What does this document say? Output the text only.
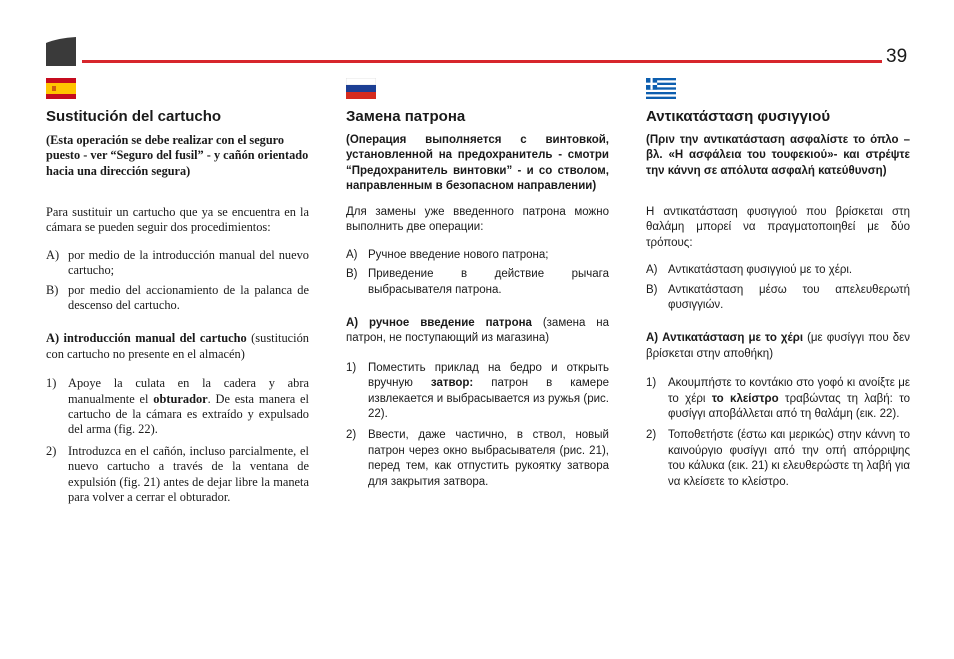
39
Sustitución del cartucho
(Esta operación se debe realizar con el seguro puesto - ver “Seguro del fusil” - y cañón orientado hacia una dirección segura)
Para sustituir un cartucho que ya se encuentra en la cámara se pueden seguir dos procedimientos:
A) por medio de la introducción manual del nuevo cartucho;
B) por medio del accionamiento de la palanca de descenso del cartucho.
A) introducción manual del cartucho (sustitución con cartucho no presente en el almacén)
1) Apoye la culata en la cadera y abra manualmente el obturador. De esta manera el cartucho de la cámara es extraído y expulsado del arma (fig. 22).
2) Introduzca en el cañón, incluso parcialmente, el nuevo cartucho a través de la ventana de expulsión (fig. 21) antes de dejar libre la maneta para volver a cerrar el obturador.
Замена патрона
(Операция выполняется с винтовкой, установленной на предохранитель - смотри “Предохранитель винтовки” - и со стволом, направленным в безопасном направлении)
Для замены уже введенного патрона можно выполнить две операции:
A) Ручное введение нового патрона;
B) Приведение в действие рычага выбрасывателя патрона.
A) ручное введение патрона (замена на патрон, не поступающий из магазина)
1)	Поместить приклад на бедро и открыть вручную затвор: патрон в камере извлекается и выбрасывается из ружья (рис. 22).
2)	Ввести, даже частично, в ствол, новый патрон через окно выбрасывателя (рис. 21), перед тем, как отпустить рукоятку затвора для закрытия затвора.
Αντικατάσταση φυσιγγιού
(Πριν την αντικατάσταση ασφαλίστε το όπλο –βλ. «Η ασφάλεια του τουφεκιού»- και στρέψτε την κάννη σε απόλυτα ασφαλή κατεύθυνση)
Η αντικατάσταση φυσιγγιού που βρίσκεται στη θαλάμη μπορεί να πραγματοποιηθεί με δύο τρόπους:
A) Αντικατάσταση φυσιγγιού με το χέρι.
B) Αντικατάσταση μέσω του απελευθερωτή φυσιγγιών.
A) Αντικατάσταση με το χέρι (με φυσίγγι που δεν βρίσκεται στην αποθήκη)
1)	Ακουμπήστε το κοντάκιο στο γοφό κι ανοίξτε με το χέρι το κλείστρο τραβώντας τη λαβή: το φυσίγγι αποβάλλεται από τη θαλάμη (εικ. 22).
2)	Τοποθετήστε (έστω και μερικώς) στην κάννη το καινούργιο φυσίγγι από την οπή απόρριψης του κάλυκα (εικ. 21) κι ελευθερώστε τη λαβή για να κλείσετε το κλείστρο.
